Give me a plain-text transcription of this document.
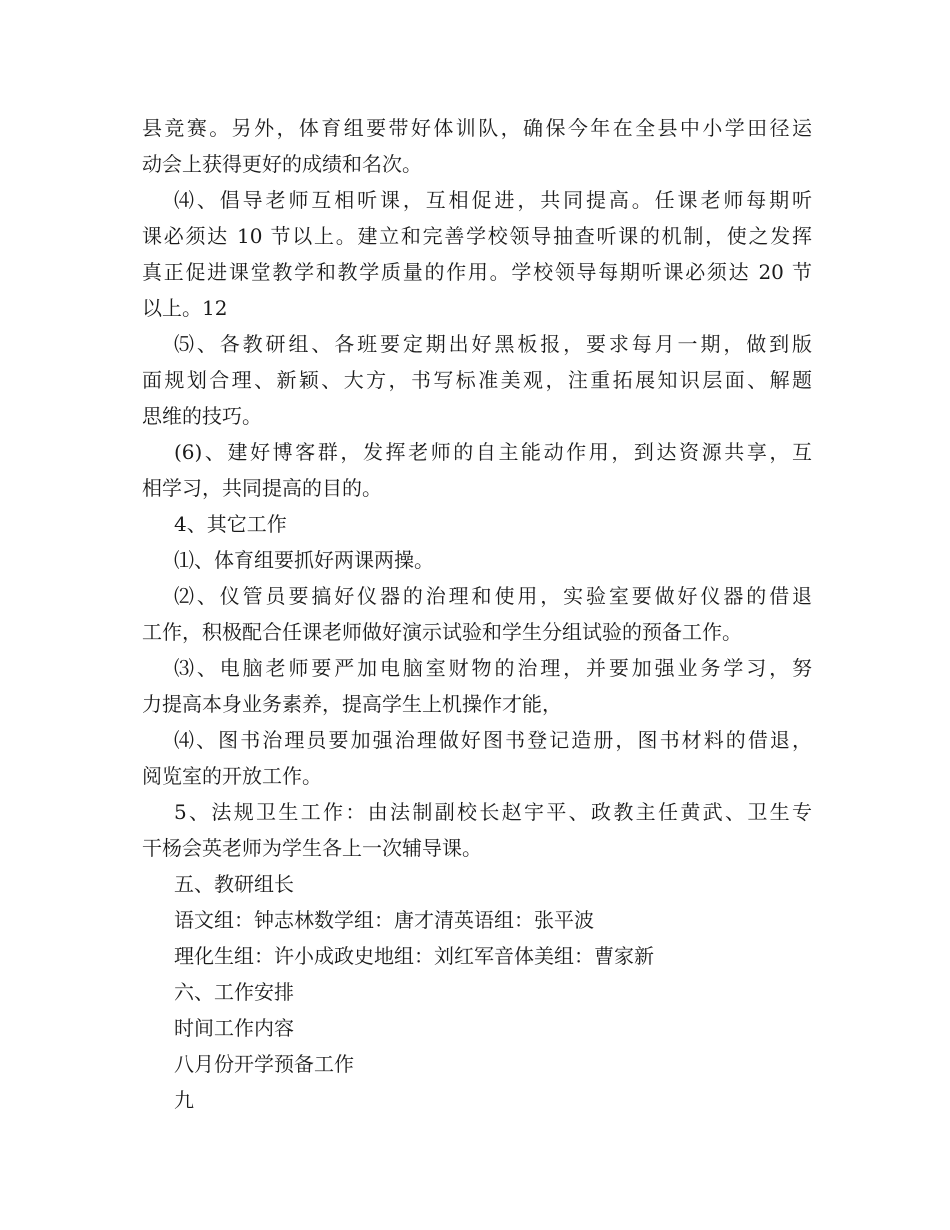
县竞赛。另外，体育组要带好体训队，确保今年在全县中小学田径运
动会上获得更好的成绩和名次。
⑷、倡导老师互相听课，互相促进，共同提高。任课老师每期听
课必须达 10 节以上。建立和完善学校领导抽查听课的机制，使之发挥
真正促进课堂教学和教学质量的作用。学校领导每期听课必须达 20 节
以上。12
⑸、各教研组、各班要定期出好黑板报，要求每月一期，做到版
面规划合理、新颖、大方，书写标准美观，注重拓展知识层面、解题
思维的技巧。
(6)、建好博客群，发挥老师的自主能动作用，到达资源共享，互
相学习，共同提高的目的。
4、其它工作
⑴、体育组要抓好两课两操。
⑵、仪管员要搞好仪器的治理和使用，实验室要做好仪器的借退
工作，积极配合任课老师做好演示试验和学生分组试验的预备工作。
⑶、电脑老师要严加电脑室财物的治理，并要加强业务学习，努
力提高本身业务素养，提高学生上机操作才能，
⑷、图书治理员要加强治理做好图书登记造册，图书材料的借退，
阅览室的开放工作。
5、法规卫生工作：由法制副校长赵宇平、政教主任黄武、卫生专
干杨会英老师为学生各上一次辅导课。
五、教研组长
语文组：钟志林数学组：唐才清英语组：张平波
理化生组：许小成政史地组：刘红军音体美组：曹家新
六、工作安排
时间工作内容
八月份开学预备工作
九
